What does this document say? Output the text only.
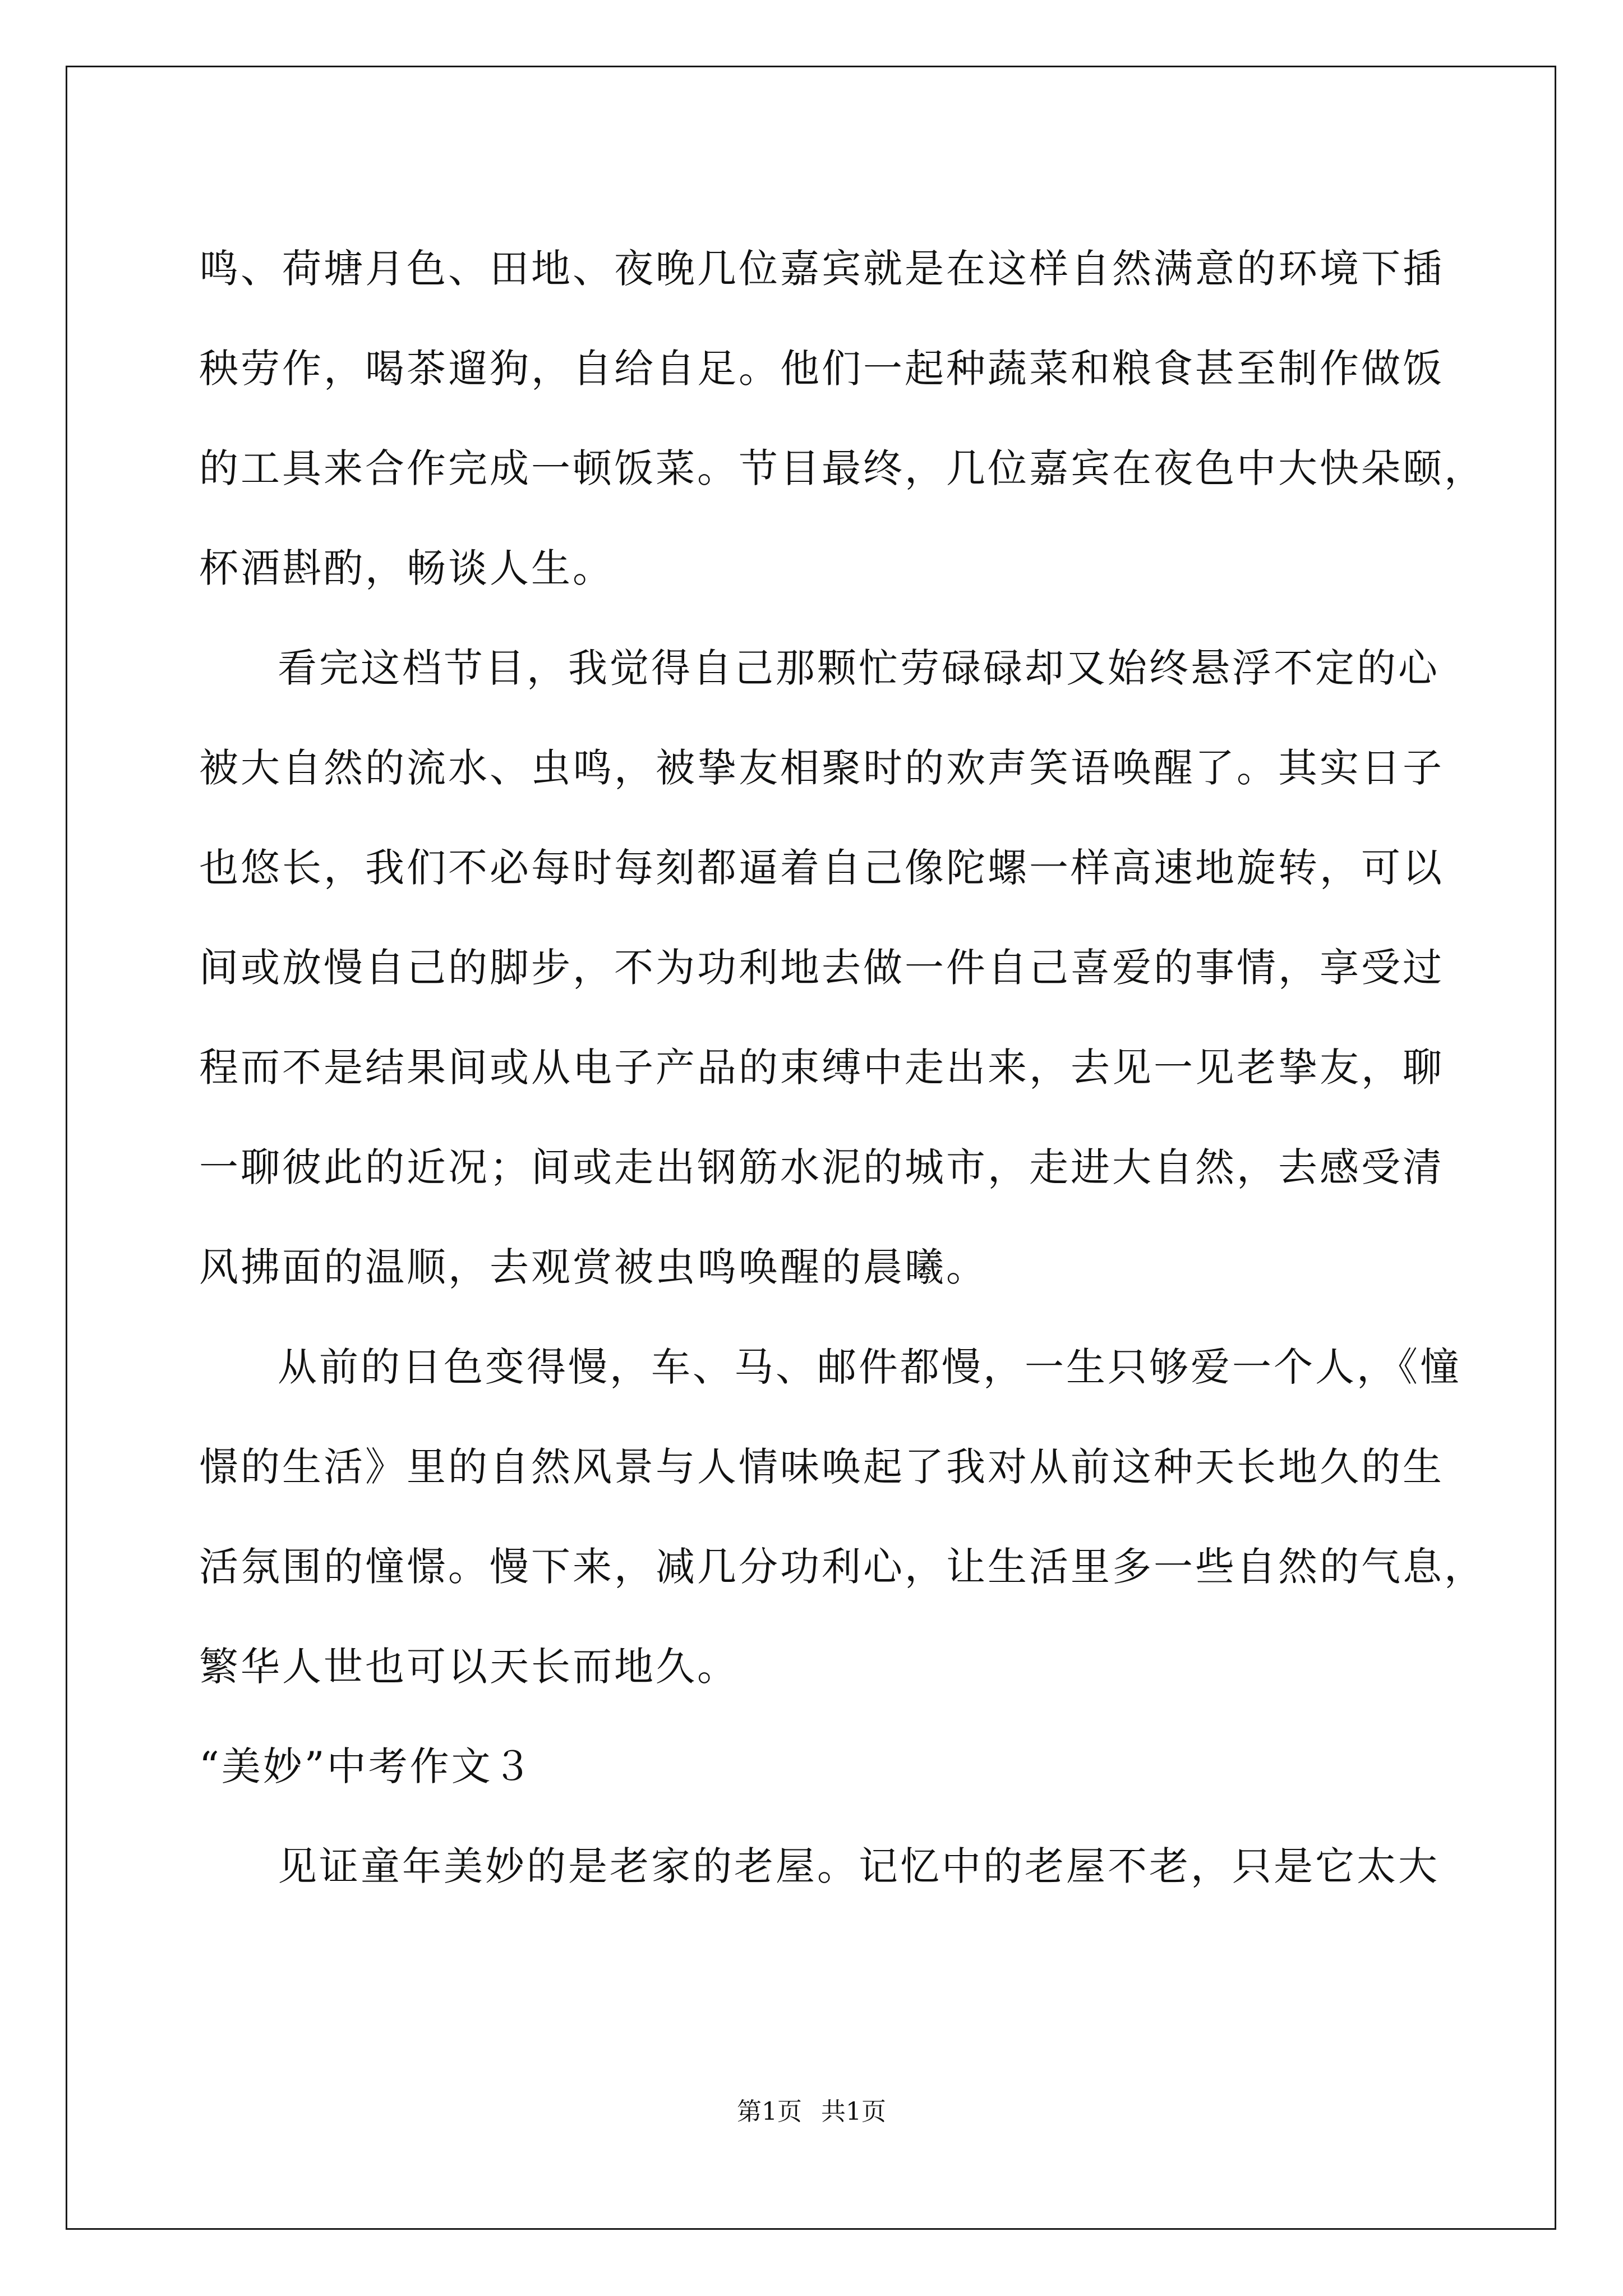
鸣、荷塘月色、田地、夜晚几位嘉宾就是在这样自然满意的环境下插
秧劳作，喝茶遛狗，自给自足。他们一起种蔬菜和粮食甚至制作做饭
的工具来合作完成一顿饭菜。节目最终，几位嘉宾在夜色中大快朵颐，
杯酒斟酌，畅谈人生。

看完这档节目，我觉得自己那颗忙劳碌碌却又始终悬浮不定的心
被大自然的流水、虫鸣，被挚友相聚时的欢声笑语唤醒了。其实日子
也悠长，我们不必每时每刻都逼着自己像陀螺一样高速地旋转，可以
间或放慢自己的脚步，不为功利地去做一件自己喜爱的事情，享受过
程而不是结果间或从电子产品的束缚中走出来，去见一见老挚友，聊
一聊彼此的近况；间或走出钢筋水泥的城市，走进大自然，去感受清
风拂面的温顺，去观赏被虫鸣唤醒的晨曦。

从前的日色变得慢，车、马、邮件都慢，一生只够爱一个人，《憧
憬的生活》里的自然风景与人情味唤起了我对从前这种天长地久的生
活氛围的憧憬。慢下来，减几分功利心，让生活里多一些自然的气息，
繁华人世也可以天长而地久。

“美妙”中考作文３

见证童年美妙的是老家的老屋。记忆中的老屋不老，只是它太大

第1页 共1页
